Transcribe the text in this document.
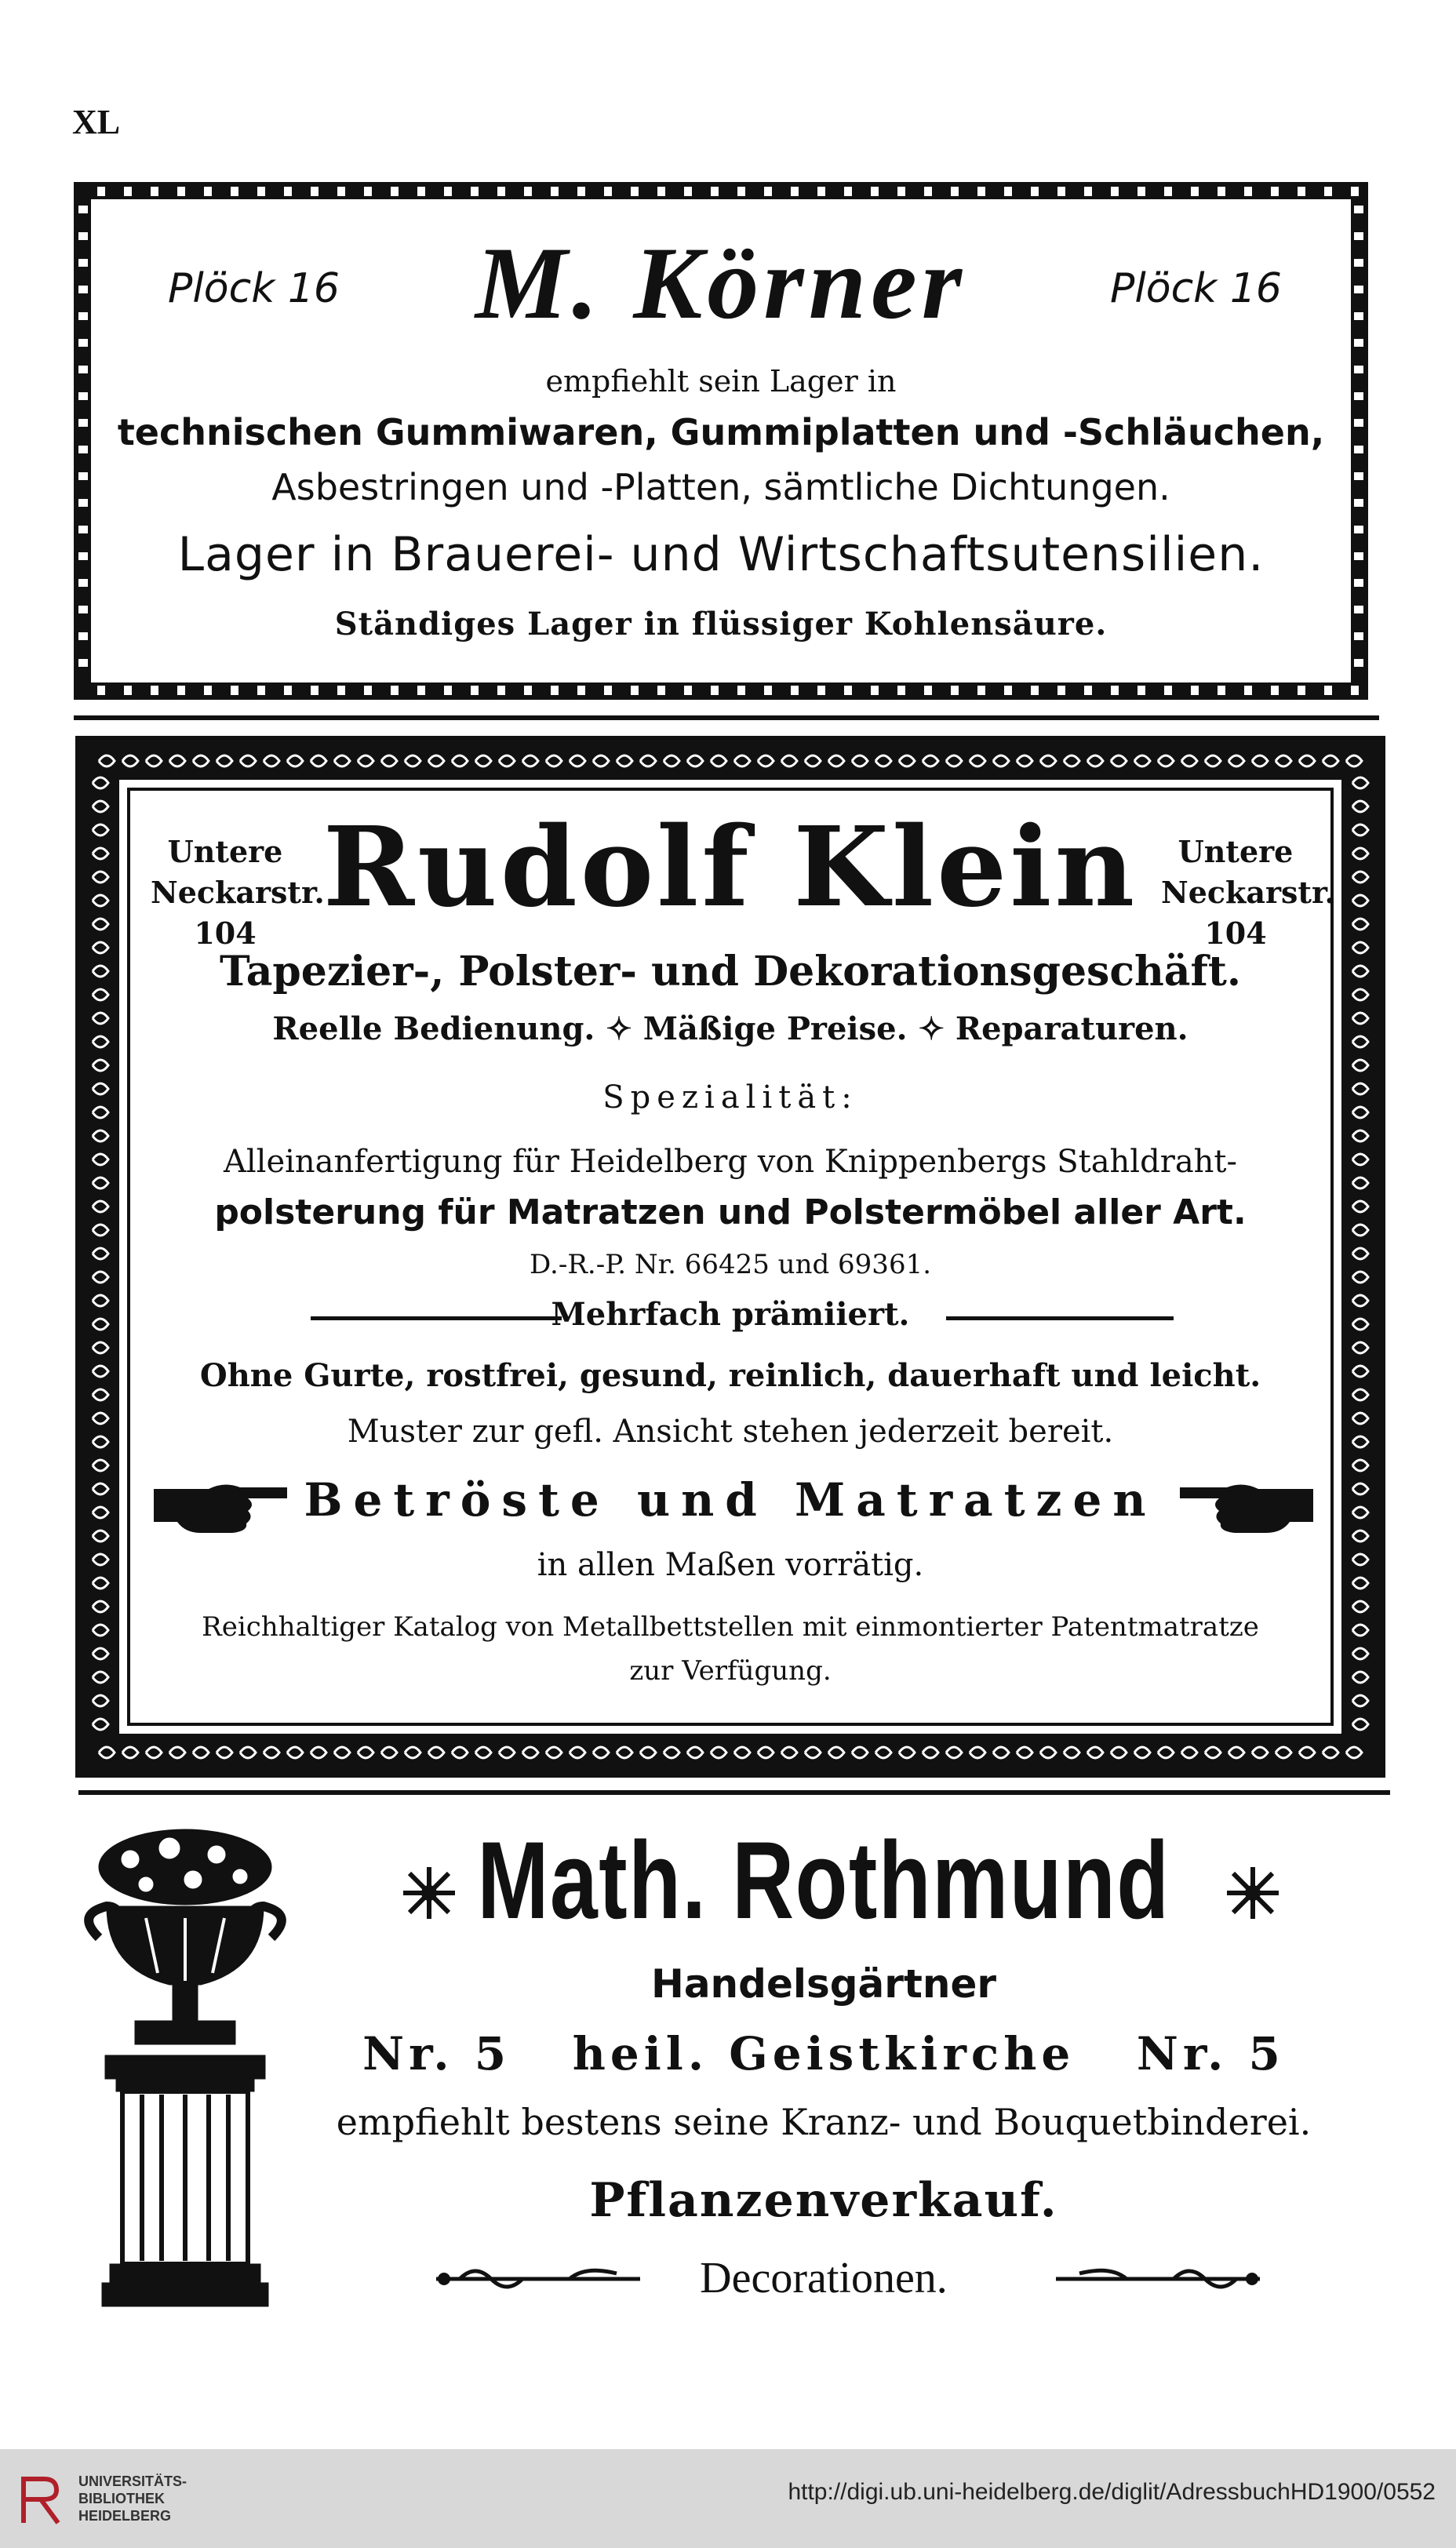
XL
Plöck 16	Plöck 16
M. Körner
empfiehlt sein Lager in
technischen Gummiwaren, Gummiplatten und -Schläuchen,
Asbestringen und -Platten, sämtliche Dichtungen.
Lager in Brauerei- und Wirtschaftsutensilien.
Ständiges Lager in flüssiger Kohlensäure.
Untere
Neckarstr. 104
Untere
Neckarstr. 104
Rudolf Klein
Tapezier-, Polster- und Dekorationsgeschäft.
Reelle Bedienung. ✧ Mäßige Preise. ✧ Reparaturen.
Spezialität:
Alleinanfertigung für Heidelberg von Knippenbergs Stahldraht-
polsterung für Matratzen und Polstermöbel aller Art.
D.-R.-P. Nr. 66425 und 69361.
Mehrfach prämiiert.
Ohne Gurte, rostfrei, gesund, reinlich, dauerhaft und leicht.
Muster zur gefl. Ansicht stehen jederzeit bereit.
Betröste und Matratzen
in allen Maßen vorrätig.
Reichhaltiger Katalog von Metallbettstellen mit einmontierter Patentmatratze
zur Verfügung.
Math. Rothmund
Handelsgärtner
Nr. 5   heil. Geistkirche   Nr. 5
empfiehlt bestens seine Kranz- und Bouquetbinderei.
Pflanzenverkauf.
Decorationen.
UNIVERSITÄTS-
BIBLIOTHEK
HEIDELBERG
http://digi.ub.uni-heidelberg.de/diglit/AdressbuchHD1900/0552
